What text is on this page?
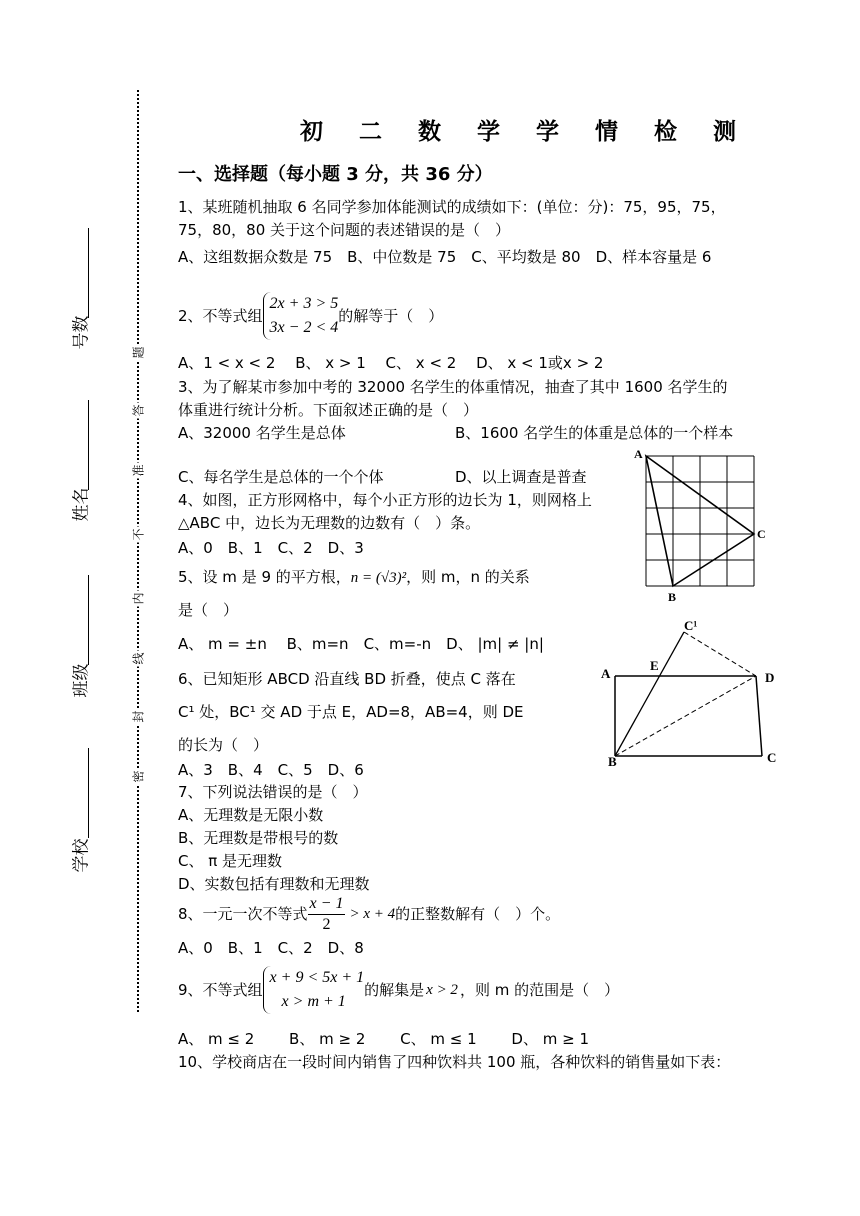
号数
姓名
班级
学校
题
答
准
不
内
线
封
密
初 二 数 学 学 情 检 测
一、选择题（每小题 3 分，共 36 分）
1、某班随机抽取 6 名同学参加体能测试的成绩如下：(单位：分)：75，95，75，75，80，80 关于这个问题的表述错误的是（　）
A、这组数据众数是 75　B、中位数是 75　C、平均数是 80　D、样本容量是 6
2、不等式组
2x + 3 > 5
3x − 2 < 4
的解等于（　）
A、1 < x < 2　 B、 x > 1　 C、 x < 2　 D、 x < 1或x > 2
3、为了解某市参加中考的 32000 名学生的体重情况，抽查了其中 1600 名学生的体重进行统计分析。下面叙述正确的是（　）
A、32000 名学生是总体	B、1600 名学生的体重是总体的一个样本
C、每名学生是总体的一个个体	D、以上调查是普查
4、如图，正方形网格中，每个小正方形的边长为 1，则网格上△ABC 中，边长为无理数的边数有（　）条。
A、0　B、1　C、2　D、3
A
C
B
5、设 m 是 9 的平方根，n = (√3)²，则 m，n 的关系
是（　）
A、 m = ±n　 B、m=n　C、m=-n　D、 |m| ≠ |n|
6、已知矩形 ABCD 沿直线 BD 折叠，使点 C 落在
C¹ 处，BC¹ 交 AD 于点 E，AD=8，AB=4，则 DE
的长为（　）
A、3　B、4　C、5　D、6
A	D
B	C
E
C¹
7、下列说法错误的是（　）
A、无理数是无限小数
B、无理数是带根号的数
C、 π 是无理数
D、实数包括有理数和无理数
8、一元一次不等式 $\frac{x - 1}{2} > x + 4$ 的正整数解有（　）个。
A、0　B、1　C、2　D、8
9、不等式组
x + 9 < 5x + 1
x > m + 1
的解集是 x > 2 ，则 m 的范围是（　）
A、 m ≤ 2　　 B、 m ≥ 2　　 C、 m ≤ 1　　 D、 m ≥ 1
10、学校商店在一段时间内销售了四种饮料共 100 瓶，各种饮料的销售量如下表：
